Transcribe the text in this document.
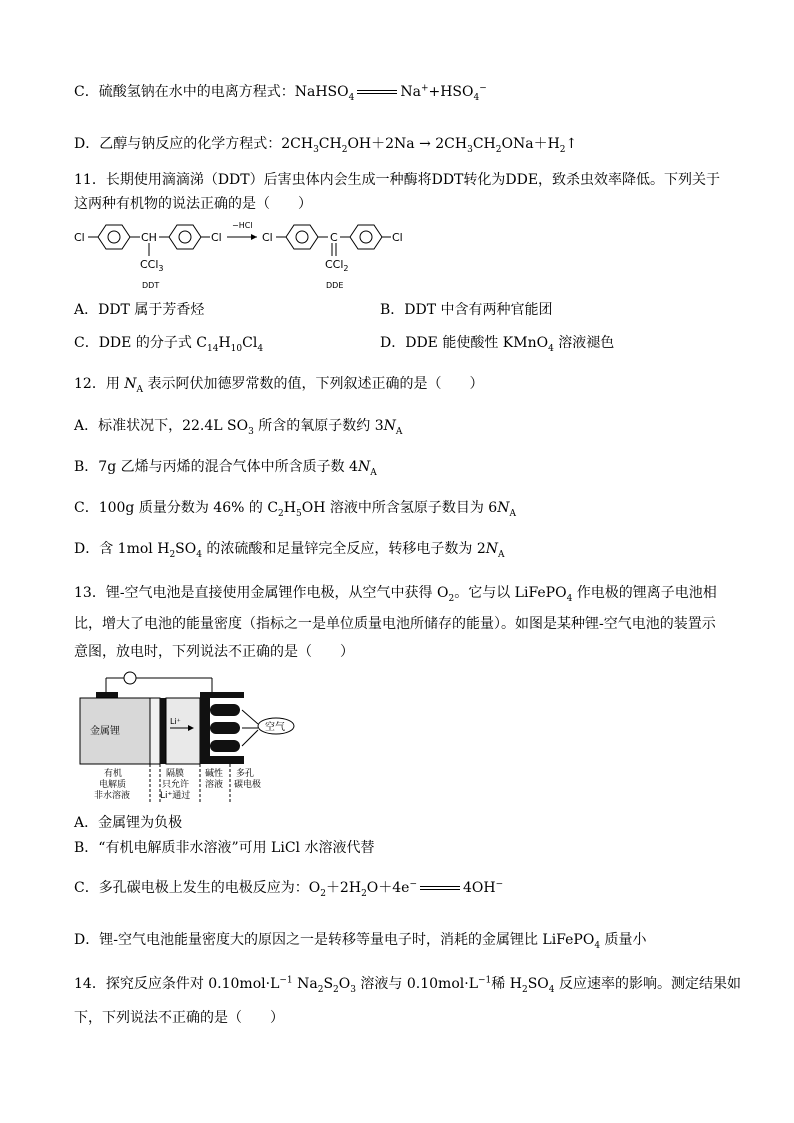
C．硫酸氢钠在水中的电离方程式：NaHSO$_4$	$Na^++HSO_4^-$
D．乙醇与钠反应的化学方程式：$2CH_3CH_2OH+2Na$ → $2CH_3CH_2ONa+H_2↑$
11．长期使用滴滴涕（DDT）后害虫体内会生成一种酶将DDT转化为DDE，致杀虫效率降低。下列关于
这两种有机物的说法正确的是（　　）
Cl	CH	Cl
CCl$_3$
DDT
−HCl
Cl	C	Cl
CCl$_2$
DDE
A．DDT 属于芳香烃	B．DDT 中含有两种官能团
C．DDE 的分子式 $C_{14}H_{10}Cl_4$	D．DDE 能使酸性 KMnO$_4$ 溶液褪色
12．用 $N_A$ 表示阿伏加德罗常数的值，下列叙述正确的是（　　）
A．标准状况下，22.4L $SO_3$ 所含的氧原子数约 $3N_A$
B．7g 乙烯与丙烯的混合气体中所含质子数 $4N_A$
C．100g 质量分数为 46% 的 $C_2H_5OH$ 溶液中所含氢原子数目为 $6N_A$
D．含 1mol $H_2SO_4$ 的浓硫酸和足量锌完全反应，转移电子数为 $2N_A$
13．锂-空气电池是直接使用金属锂作电极，从空气中获得 $O_2$。它与以 LiFePO$_4$ 作电极的锂离子电池相
比，增大了电池的能量密度（指标之一是单位质量电池所储存的能量）。如图是某种锂-空气电池的装置示
意图，放电时，下列说法不正确的是（　　）
金属锂
Li⁺
空气
有机
电解质
非水溶液
隔膜
只允许
Li⁺通过
碱性
溶液
多孔
碳电极
A．金属锂为负极
B．“有机电解质非水溶液”可用 LiCl 水溶液代替
C．多孔碳电极上发生的电极反应为：$O_2+2H_2O+4e^-$	4OH−
D．锂-空气电池能量密度大的原因之一是转移等量电子时，消耗的金属锂比 LiFePO$_4$ 质量小
14．探究反应条件对 $0.10mol\cdot L^{-1}$ $Na_2S_2O_3$ 溶液与 $0.10mol\cdot L^{-1}$稀 $H_2SO_4$ 反应速率的影响。测定结果如
下，下列说法不正确的是（　　）
